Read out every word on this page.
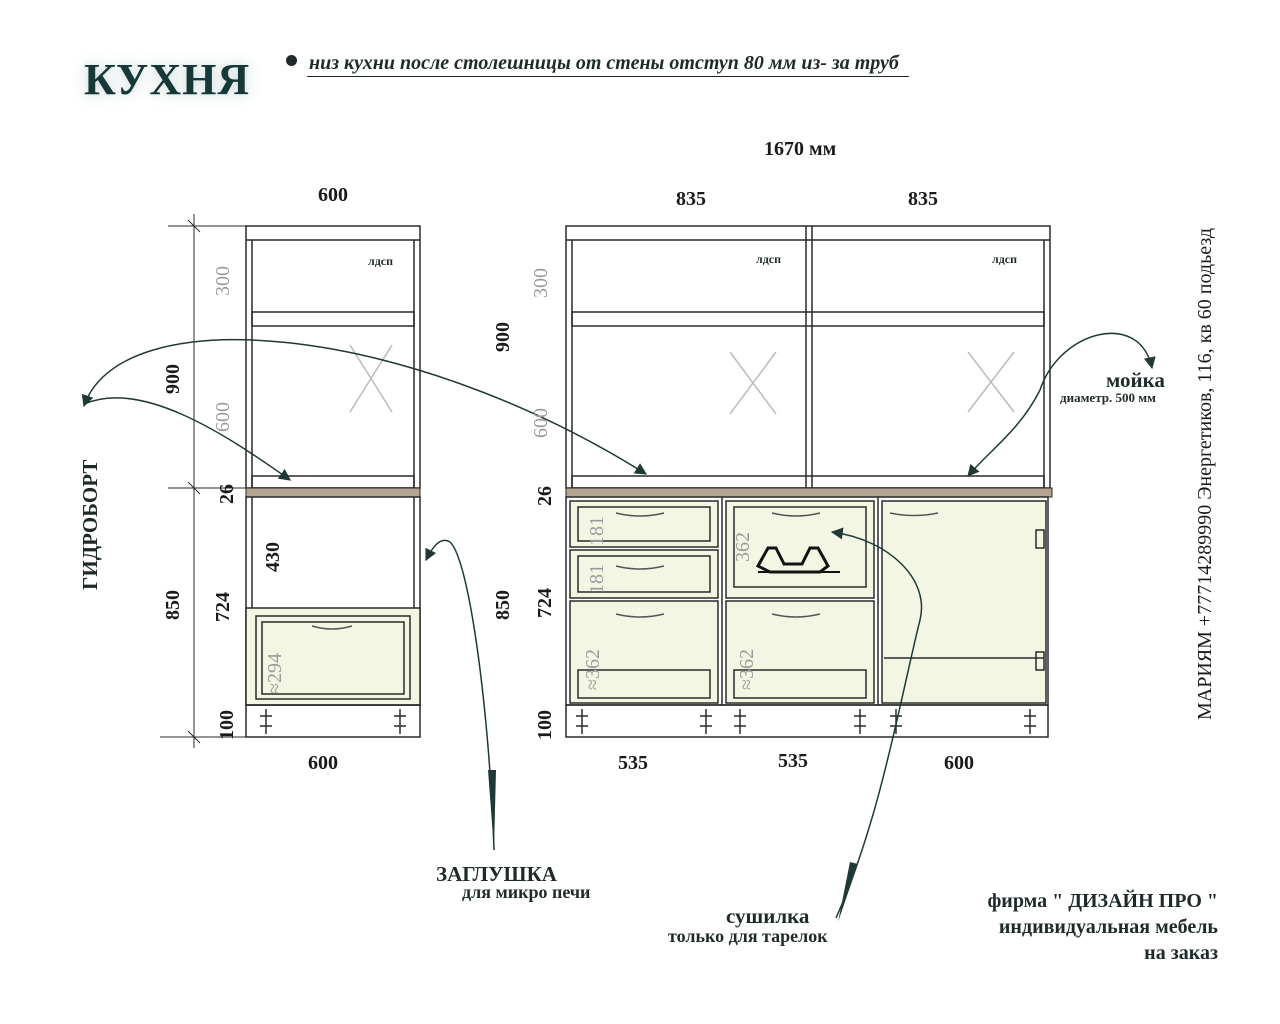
КУХНЯ	низ кухни после столешницы от стены отступ 80 мм из- за труб
1670 мм
600	835	835
600	535	535	600
900
850
300
600
26
430
724
100
≈294
900
300
600
26
850 724
100
181
181
362
≈362	≈362
лдсп	лдсп	лдсп
ГИДРОБОРТ
мойка
диаметр. 500 мм
ЗАГЛУШКА
для микро печи
сушилка
только для тарелок
МАРИЯМ +77714289990 Энергетиков, 116, кв 60 подьезд
фирма " ДИЗАЙН ПРО "
индивидуальная мебель
на заказ
